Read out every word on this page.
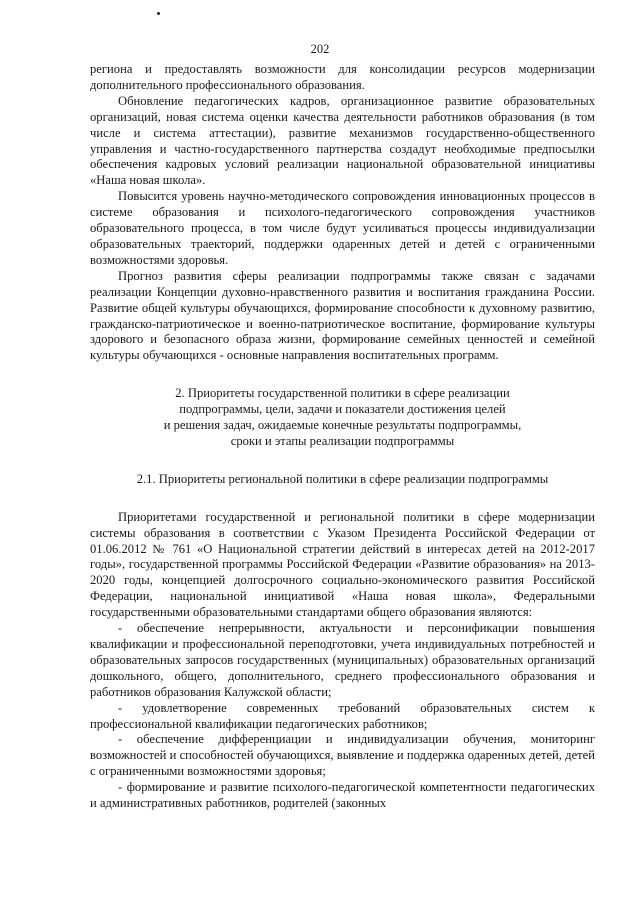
202

региона и предоставлять возможности для консолидации ресурсов модернизации дополнительного профессионального образования.

Обновление педагогических кадров, организационное развитие образовательных организаций, новая система оценки качества деятельности работников образования (в том числе и система аттестации), развитие механизмов государственно-общественного управления и частно-государственного партнерства создадут необходимые предпосылки обеспечения кадровых условий реализации национальной образовательной инициативы «Наша новая школа».

Повысится уровень научно-методического сопровождения инновационных процессов в системе образования и психолого-педагогического сопровождения участников образовательного процесса, в том числе будут усиливаться процессы индивидуализации образовательных траекторий, поддержки одаренных детей и детей с ограниченными возможностями здоровья.

Прогноз развития сферы реализации подпрограммы также связан с задачами реализации Концепции духовно-нравственного развития и воспитания гражданина России. Развитие общей культуры обучающихся, формирование способности к духовному развитию, гражданско-патриотическое и военно-патриотическое воспитание, формирование культуры здорового и безопасного образа жизни, формирование семейных ценностей и семейной культуры обучающихся - основные направления воспитательных программ.

2. Приоритеты государственной политики в сфере реализации
подпрограммы, цели, задачи и показатели достижения целей
и решения задач, ожидаемые конечные результаты подпрограммы,
сроки и этапы реализации подпрограммы
2.1. Приоритеты региональной политики в сфере реализации подпрограммы

Приоритетами государственной и региональной политики в сфере модернизации системы образования в соответствии с Указом Президента Российской Федерации от 01.06.2012 № 761 «О Национальной стратегии действий в интересах детей на 2012-2017 годы», государственной программы Российской Федерации «Развитие образования» на 2013-2020 годы, концепцией долгосрочного социально-экономического развития Российской Федерации, национальной инициативой «Наша новая школа», Федеральными государственными образовательными стандартами общего образования являются:

- обеспечение непрерывности, актуальности и персонификации повышения квалификации и профессиональной переподготовки, учета индивидуальных потребностей и образовательных запросов государственных (муниципальных) образовательных организаций дошкольного, общего, дополнительного, среднего профессионального образования и работников образования Калужской области;

- удовлетворение современных требований образовательных систем к профессиональной квалификации педагогических работников;

- обеспечение дифференциации и индивидуализации обучения, мониторинг возможностей и способностей обучающихся, выявление и поддержка одаренных детей, детей с ограниченными возможностями здоровья;

- формирование и развитие психолого-педагогической компетентности педагогических и административных работников, родителей (законных
